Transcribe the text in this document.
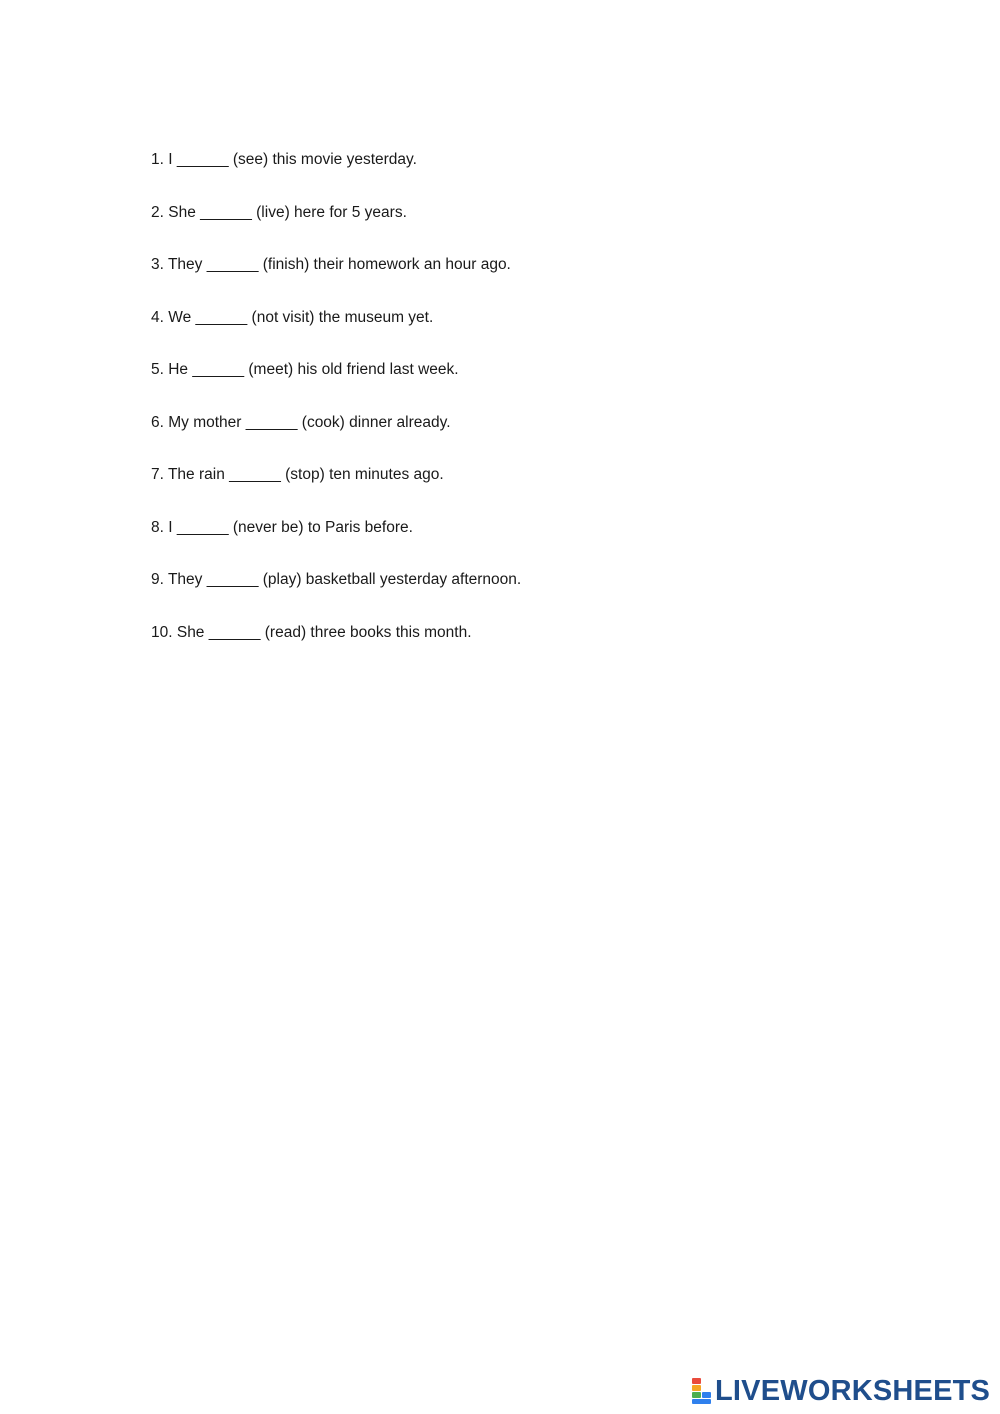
1. I ______ (see) this movie yesterday.

2. She ______ (live) here for 5 years.

3. They ______ (finish) their homework an hour ago.

4. We ______ (not visit) the museum yet.

5. He ______ (meet) his old friend last week.

6. My mother ______ (cook) dinner already.

7. The rain ______ (stop) ten minutes ago.

8. I ______ (never be) to Paris before.

9. They ______ (play) basketball yesterday afternoon.

10. She ______ (read) three books this month.

LIVEWORKSHEETS
